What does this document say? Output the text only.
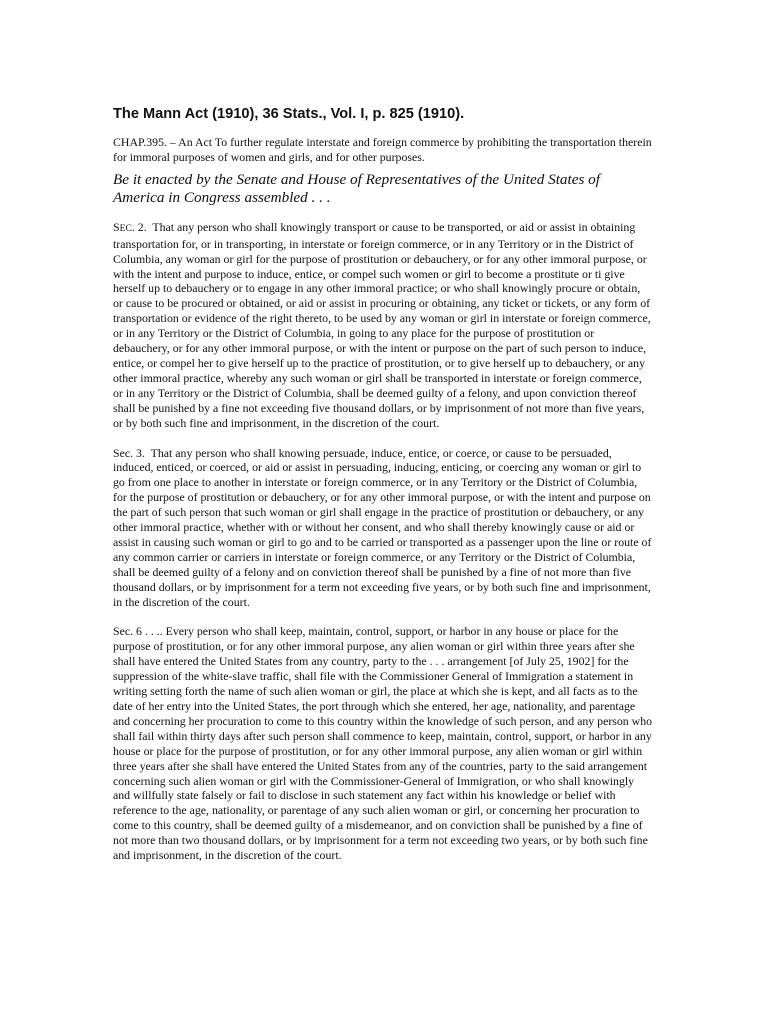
The Mann Act (1910), 36 Stats., Vol. I, p. 825 (1910).

CHAP.395. – An Act To further regulate interstate and foreign commerce by prohibiting the transportation therein for immoral purposes of women and girls, and for other purposes.

Be it enacted by the Senate and House of Representatives of the United States of America in Congress assembled . . .

SEC. 2. That any person who shall knowingly transport or cause to be transported, or aid or assist in obtaining transportation for, or in transporting, in interstate or foreign commerce, or in any Territory or in the District of Columbia, any woman or girl for the purpose of prostitution or debauchery, or for any other immoral purpose, or with the intent and purpose to induce, entice, or compel such women or girl to become a prostitute or ti give herself up to debauchery or to engage in any other immoral practice; or who shall knowingly procure or obtain, or cause to be procured or obtained, or aid or assist in procuring or obtaining, any ticket or tickets, or any form of transportation or evidence of the right thereto, to be used by any woman or girl in interstate or foreign commerce, or in any Territory or the District of Columbia, in going to any place for the purpose of prostitution or debauchery, or for any other immoral purpose, or with the intent or purpose on the part of such person to induce, entice, or compel her to give herself up to the practice of prostitution, or to give herself up to debauchery, or any other immoral practice, whereby any such woman or girl shall be transported in interstate or foreign commerce, or in any Territory or the District of Columbia, shall be deemed guilty of a felony, and upon conviction thereof shall be punished by a fine not exceeding five thousand dollars, or by imprisonment of not more than five years, or by both such fine and imprisonment, in the discretion of the court.

Sec. 3. That any person who shall knowing persuade, induce, entice, or coerce, or cause to be persuaded, induced, enticed, or coerced, or aid or assist in persuading, inducing, enticing, or coercing any woman or girl to go from one place to another in interstate or foreign commerce, or in any Territory or the District of Columbia, for the purpose of prostitution or debauchery, or for any other immoral purpose, or with the intent and purpose on the part of such person that such woman or girl shall engage in the practice of prostitution or debauchery, or any other immoral practice, whether with or without her consent, and who shall thereby knowingly cause or aid or assist in causing such woman or girl to go and to be carried or transported as a passenger upon the line or route of any common carrier or carriers in interstate or foreign commerce, or any Territory or the District of Columbia, shall be deemed guilty of a felony and on conviction thereof shall be punished by a fine of not more than five thousand dollars, or by imprisonment for a term not exceeding five years, or by both such fine and imprisonment, in the discretion of the court.

Sec. 6 . . .. Every person who shall keep, maintain, control, support, or harbor in any house or place for the purpose of prostitution, or for any other immoral purpose, any alien woman or girl within three years after she shall have entered the United States from any country, party to the . . . arrangement [of July 25, 1902] for the suppression of the white-slave traffic, shall file with the Commissioner General of Immigration a statement in writing setting forth the name of such alien woman or girl, the place at which she is kept, and all facts as to the date of her entry into the United States, the port through which she entered, her age, nationality, and parentage and concerning her procuration to come to this country within the knowledge of such person, and any person who shall fail within thirty days after such person shall commence to keep, maintain, control, support, or harbor in any house or place for the purpose of prostitution, or for any other immoral purpose, any alien woman or girl within three years after she shall have entered the United States from any of the countries, party to the said arrangement concerning such alien woman or girl with the Commissioner-General of Immigration, or who shall knowingly and willfully state falsely or fail to disclose in such statement any fact within his knowledge or belief with reference to the age, nationality, or parentage of any such alien woman or girl, or concerning her procuration to come to this country, shall be deemed guilty of a misdemeanor, and on conviction shall be punished by a fine of not more than two thousand dollars, or by imprisonment for a term not exceeding two years, or by both such fine and imprisonment, in the discretion of the court.
